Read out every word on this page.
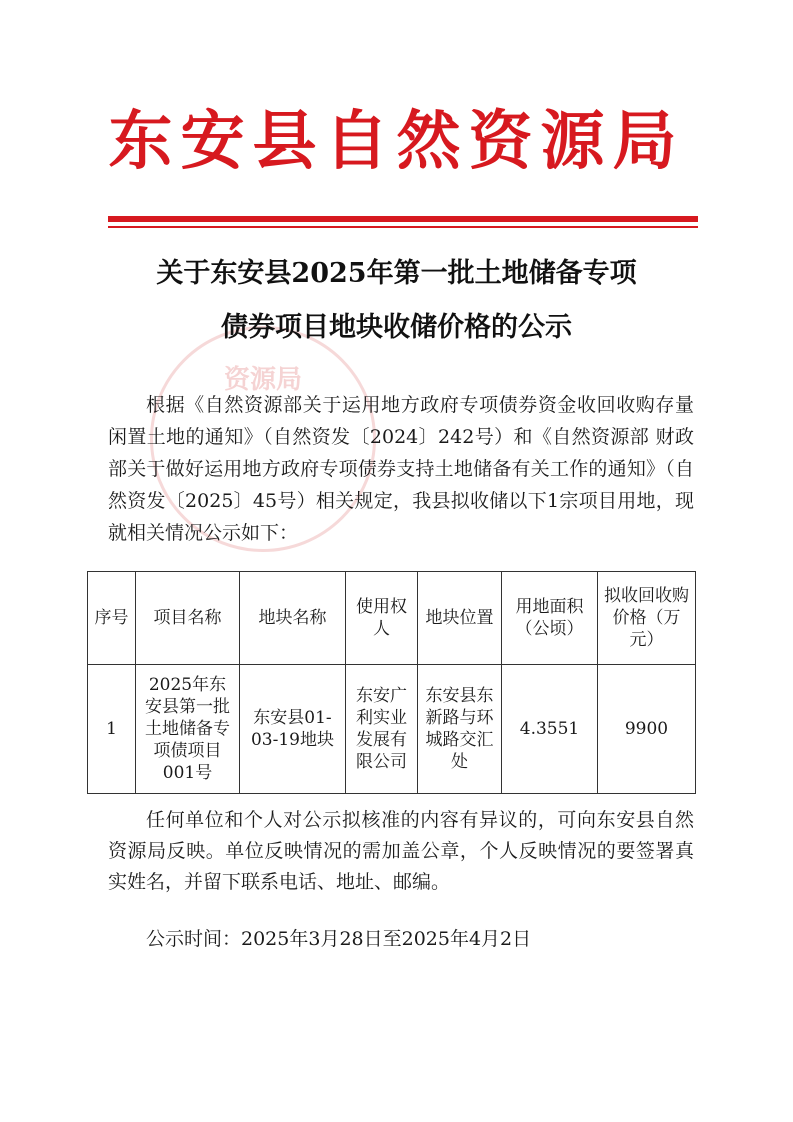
东安县自然资源局
资源局
关于东安县2025年第一批土地储备专项
债券项目地块收储价格的公示
根据《自然资源部关于运用地方政府专项债券资金收回收购存量闲置土地的通知》（自然资发〔2024〕242号）和《自然资源部 财政部关于做好运用地方政府专项债券支持土地储备有关工作的通知》（自然资发〔2025〕45号）相关规定，我县拟收储以下1宗项目用地，现就相关情况公示如下：
序号	项目名称	地块名称	使用权人	地块位置	用地面积（公顷）	拟收回收购价格（万元）
1	2025年东安县第一批土地储备专项债项目001号	东安县01-03-19地块	东安广利实业发展有限公司	东安县东新路与环城路交汇处	4.3551	9900
任何单位和个人对公示拟核准的内容有异议的，可向东安县自然资源局反映。单位反映情况的需加盖公章，个人反映情况的要签署真实姓名，并留下联系电话、地址、邮编。
公示时间：2025年3月28日至2025年4月2日
